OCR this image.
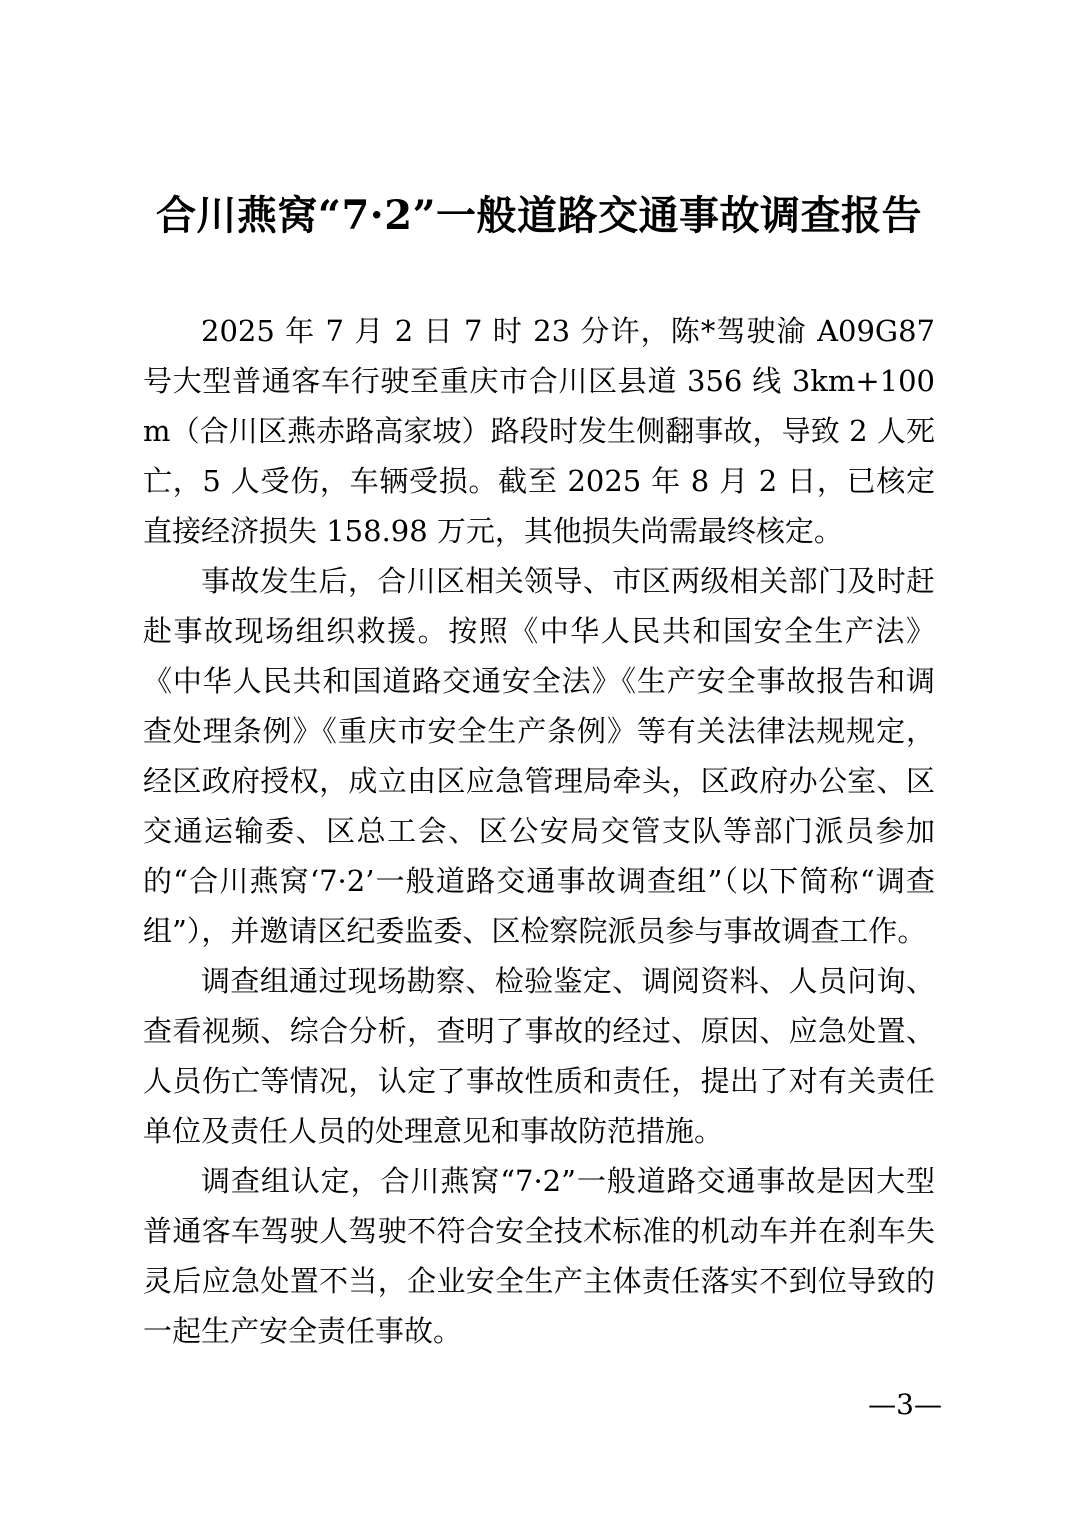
合川燕窝“7·2”一般道路交通事故调查报告

2025 年 7 月 2 日 7 时 23 分许，陈*驾驶渝 A09G87 号大型普通客车行驶至重庆市合川区县道 356 线 3km+100m（合川区燕赤路高家坡）路段时发生侧翻事故，导致 2 人死亡，5 人受伤，车辆受损。截至 2025 年 8 月 2 日，已核定直接经济损失 158.98 万元，其他损失尚需最终核定。

事故发生后，合川区相关领导、市区两级相关部门及时赶赴事故现场组织救援。按照《中华人民共和国安全生产法》《中华人民共和国道路交通安全法》《生产安全事故报告和调查处理条例》《重庆市安全生产条例》等有关法律法规规定，经区政府授权，成立由区应急管理局牵头，区政府办公室、区交通运输委、区总工会、区公安局交管支队等部门派员参加的“合川燕窝‘7·2’一般道路交通事故调查组”（以下简称“调查组”），并邀请区纪委监委、区检察院派员参与事故调查工作。

调查组通过现场勘察、检验鉴定、调阅资料、人员问询、查看视频、综合分析，查明了事故的经过、原因、应急处置、人员伤亡等情况，认定了事故性质和责任，提出了对有关责任单位及责任人员的处理意见和事故防范措施。

调查组认定，合川燕窝“7·2”一般道路交通事故是因大型普通客车驾驶人驾驶不符合安全技术标准的机动车并在刹车失灵后应急处置不当，企业安全生产主体责任落实不到位导致的一起生产安全责任事故。

—3—
